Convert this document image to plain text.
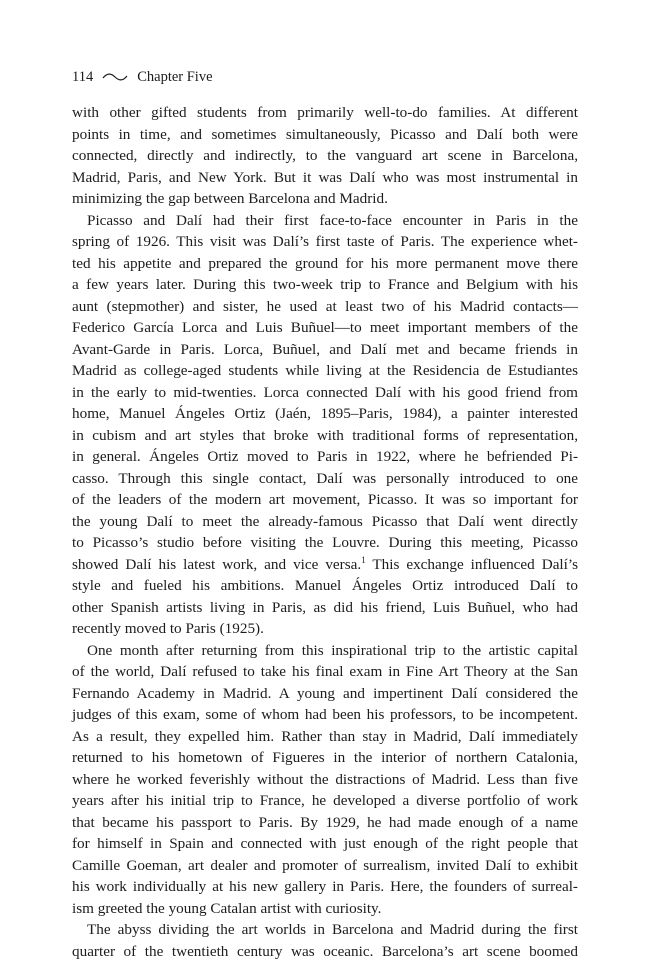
114	Chapter Five
with other gifted students from primarily well-to-do families. At different
points in time, and sometimes simultaneously, Picasso and Dalí both were
connected, directly and indirectly, to the vanguard art scene in Barcelona,
Madrid, Paris, and New York. But it was Dalí who was most instrumental in
minimizing the gap between Barcelona and Madrid.
Picasso and Dalí had their first face-to-face encounter in Paris in the
spring of 1926. This visit was Dalí’s first taste of Paris. The experience whet-
ted his appetite and prepared the ground for his more permanent move there
a few years later. During this two-week trip to France and Belgium with his
aunt (stepmother) and sister, he used at least two of his Madrid contacts—
Federico García Lorca and Luis Buñuel—to meet important members of the
Avant-Garde in Paris. Lorca, Buñuel, and Dalí met and became friends in
Madrid as college-aged students while living at the Residencia de Estudiantes
in the early to mid-twenties. Lorca connected Dalí with his good friend from
home, Manuel Ángeles Ortiz (Jaén, 1895–Paris, 1984), a painter interested
in cubism and art styles that broke with traditional forms of representation,
in general. Ángeles Ortiz moved to Paris in 1922, where he befriended Pi-
casso. Through this single contact, Dalí was personally introduced to one
of the leaders of the modern art movement, Picasso. It was so important for
the young Dalí to meet the already-famous Picasso that Dalí went directly
to Picasso’s studio before visiting the Louvre. During this meeting, Picasso
showed Dalí his latest work, and vice versa.$^1$ This exchange influenced Dalí’s
style and fueled his ambitions. Manuel Ángeles Ortiz introduced Dalí to
other Spanish artists living in Paris, as did his friend, Luis Buñuel, who had
recently moved to Paris (1925).
One month after returning from this inspirational trip to the artistic capital
of the world, Dalí refused to take his final exam in Fine Art Theory at the San
Fernando Academy in Madrid. A young and impertinent Dalí considered the
judges of this exam, some of whom had been his professors, to be incompetent.
As a result, they expelled him. Rather than stay in Madrid, Dalí immediately
returned to his hometown of Figueres in the interior of northern Catalonia,
where he worked feverishly without the distractions of Madrid. Less than five
years after his initial trip to France, he developed a diverse portfolio of work
that became his passport to Paris. By 1929, he had made enough of a name
for himself in Spain and connected with just enough of the right people that
Camille Goeman, art dealer and promoter of surrealism, invited Dalí to exhibit
his work individually at his new gallery in Paris. Here, the founders of surreal-
ism greeted the young Catalan artist with curiosity.
The abyss dividing the art worlds in Barcelona and Madrid during the first
quarter of the twentieth century was oceanic. Barcelona’s art scene boomed
